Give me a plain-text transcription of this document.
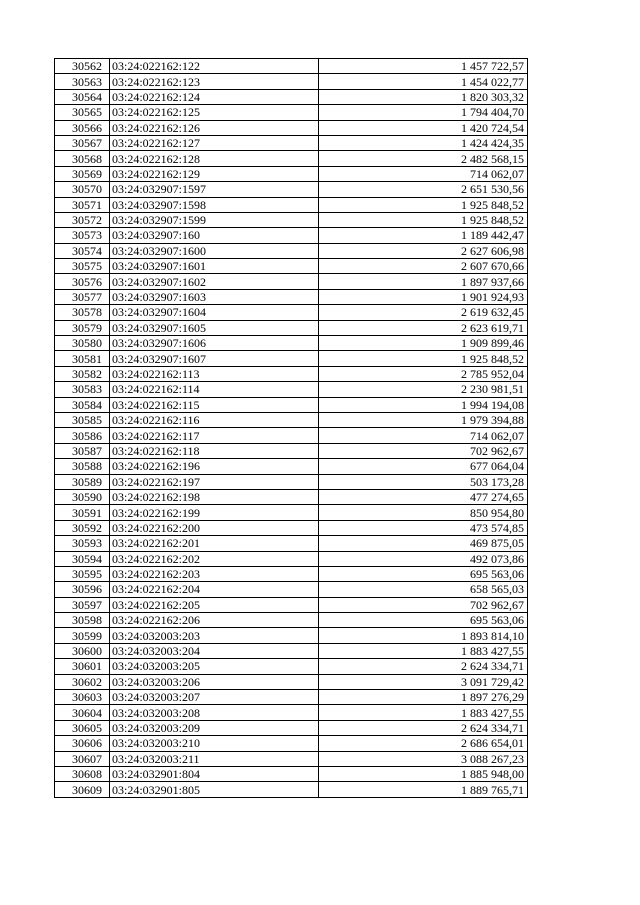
30562	03:24:022162:122	1 457 722,57
30563	03:24:022162:123	1 454 022,77
30564	03:24:022162:124	1 820 303,32
30565	03:24:022162:125	1 794 404,70
30566	03:24:022162:126	1 420 724,54
30567	03:24:022162:127	1 424 424,35
30568	03:24:022162:128	2 482 568,15
30569	03:24:022162:129	714 062,07
30570	03:24:032907:1597	2 651 530,56
30571	03:24:032907:1598	1 925 848,52
30572	03:24:032907:1599	1 925 848,52
30573	03:24:032907:160	1 189 442,47
30574	03:24:032907:1600	2 627 606,98
30575	03:24:032907:1601	2 607 670,66
30576	03:24:032907:1602	1 897 937,66
30577	03:24:032907:1603	1 901 924,93
30578	03:24:032907:1604	2 619 632,45
30579	03:24:032907:1605	2 623 619,71
30580	03:24:032907:1606	1 909 899,46
30581	03:24:032907:1607	1 925 848,52
30582	03:24:022162:113	2 785 952,04
30583	03:24:022162:114	2 230 981,51
30584	03:24:022162:115	1 994 194,08
30585	03:24:022162:116	1 979 394,88
30586	03:24:022162:117	714 062,07
30587	03:24:022162:118	702 962,67
30588	03:24:022162:196	677 064,04
30589	03:24:022162:197	503 173,28
30590	03:24:022162:198	477 274,65
30591	03:24:022162:199	850 954,80
30592	03:24:022162:200	473 574,85
30593	03:24:022162:201	469 875,05
30594	03:24:022162:202	492 073,86
30595	03:24:022162:203	695 563,06
30596	03:24:022162:204	658 565,03
30597	03:24:022162:205	702 962,67
30598	03:24:022162:206	695 563,06
30599	03:24:032003:203	1 893 814,10
30600	03:24:032003:204	1 883 427,55
30601	03:24:032003:205	2 624 334,71
30602	03:24:032003:206	3 091 729,42
30603	03:24:032003:207	1 897 276,29
30604	03:24:032003:208	1 883 427,55
30605	03:24:032003:209	2 624 334,71
30606	03:24:032003:210	2 686 654,01
30607	03:24:032003:211	3 088 267,23
30608	03:24:032901:804	1 885 948,00
30609	03:24:032901:805	1 889 765,71
